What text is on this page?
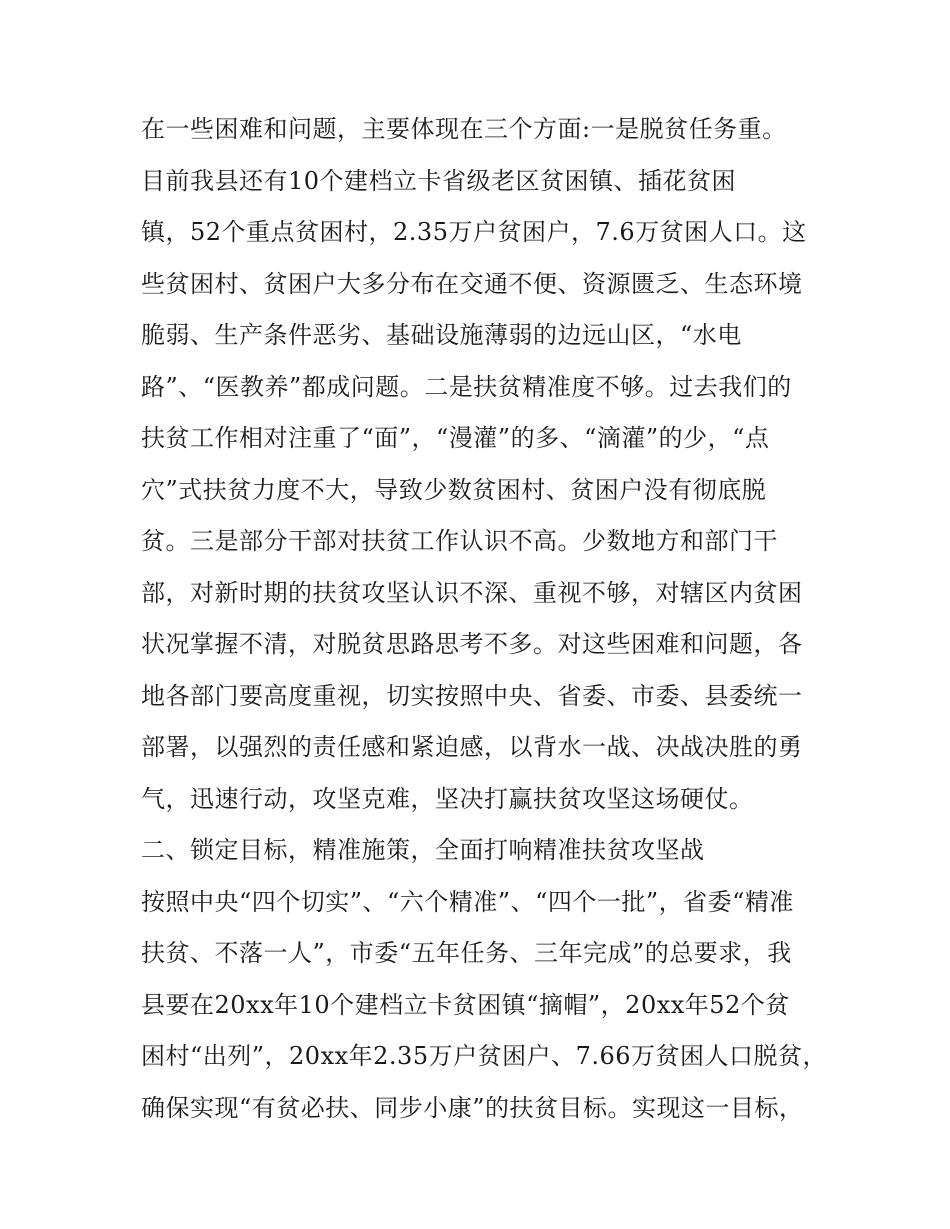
在一些困难和问题，主要体现在三个方面:一是脱贫任务重。
目前我县还有10个建档立卡省级老区贫困镇、插花贫困
镇，52个重点贫困村，2.35万户贫困户，7.6万贫困人口。这
些贫困村、贫困户大多分布在交通不便、资源匮乏、生态环境
脆弱、生产条件恶劣、基础设施薄弱的边远山区，“水电
路”、“医教养”都成问题。二是扶贫精准度不够。过去我们的
扶贫工作相对注重了“面”，“漫灌”的多、“滴灌”的少，“点
穴”式扶贫力度不大，导致少数贫困村、贫困户没有彻底脱
贫。三是部分干部对扶贫工作认识不高。少数地方和部门干
部，对新时期的扶贫攻坚认识不深、重视不够，对辖区内贫困
状况掌握不清，对脱贫思路思考不多。对这些困难和问题，各
地各部门要高度重视，切实按照中央、省委、市委、县委统一
部署，以强烈的责任感和紧迫感，以背水一战、决战决胜的勇
气，迅速行动，攻坚克难，坚决打赢扶贫攻坚这场硬仗。
二、锁定目标，精准施策，全面打响精准扶贫攻坚战
按照中央“四个切实”、“六个精准”、“四个一批”，省委“精准
扶贫、不落一人”，市委“五年任务、三年完成”的总要求，我
县要在20xx年10个建档立卡贫困镇“摘帽”，20xx年52个贫
困村“出列”，20xx年2.35万户贫困户、7.66万贫困人口脱贫，
确保实现“有贫必扶、同步小康”的扶贫目标。实现这一目标，
